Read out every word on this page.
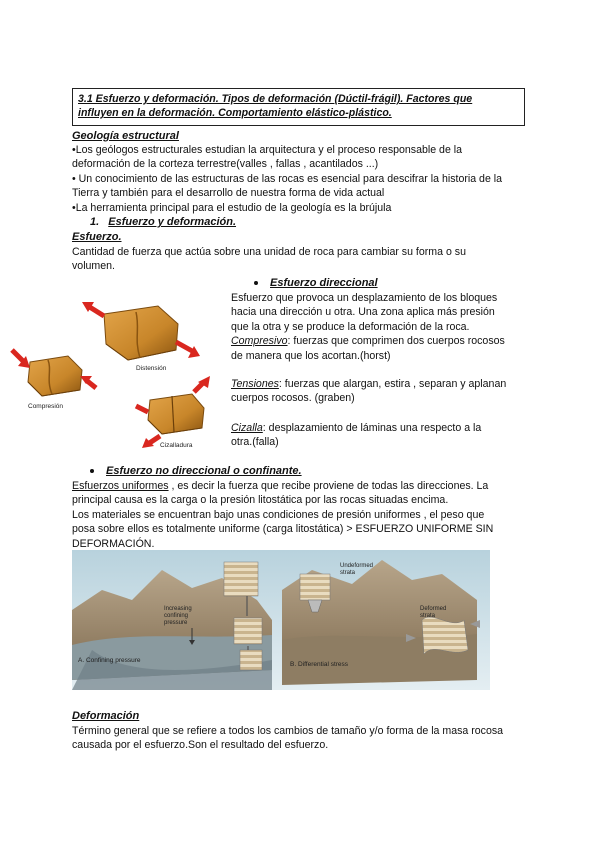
3.1 Esfuerzo y deformación. Tipos de deformación (Dúctil-frágil). Factores que
influyen en la deformación. Comportamiento elástico-plástico.
Geología estructural
•Los geólogos estructurales estudian la arquitectura y el proceso responsable de la
deformación de la corteza terrestre(valles , fallas , acantilados ...)
• Un conocimiento de las estructuras de las rocas es esencial para descifrar la historia de la
Tierra y también para el desarrollo de nuestra forma de vida actual
•La herramienta principal para el estudio de la geología es la brújula
1. Esfuerzo y deformación.
Esfuerzo.
Cantidad de fuerza que actúa sobre una unidad de roca para cambiar su forma o su
volumen.
Distensión
Compresión
Cizalladura
Esfuerzo direccional
Esfuerzo que provoca un desplazamiento de los bloques
hacia una dirección u otra. Una zona aplica más presión
que la otra y se produce la deformación de la roca.
Compresivo: fuerzas que comprimen dos cuerpos rocosos
de manera que los acortan.(horst)
Tensiones: fuerzas que alargan, estira , separan y aplanan
cuerpos rocosos. (graben)
Cizalla: desplazamiento de láminas una respecto a la
otra.(falla)
Esfuerzo no direccional o confinante.
Esfuerzos uniformes , es decir la fuerza que recibe proviene de todas las direcciones. La
principal causa es la carga o la presión litostática por las rocas situadas encima.
Los materiales se encuentran bajo unas condiciones de presión uniformes , el peso que
posa sobre ellos es totalmente uniforme (carga litostática) > ESFUERZO UNIFORME SIN
DEFORMACIÓN.
Increasing
confining
pressure
Undeformed
strata
Deformed
strata
A. Confining pressure
B. Differential stress
Deformación
Término general que se refiere a todos los cambios de tamaño y/o forma de la masa rocosa
causada por el esfuerzo.Son el resultado del esfuerzo.
